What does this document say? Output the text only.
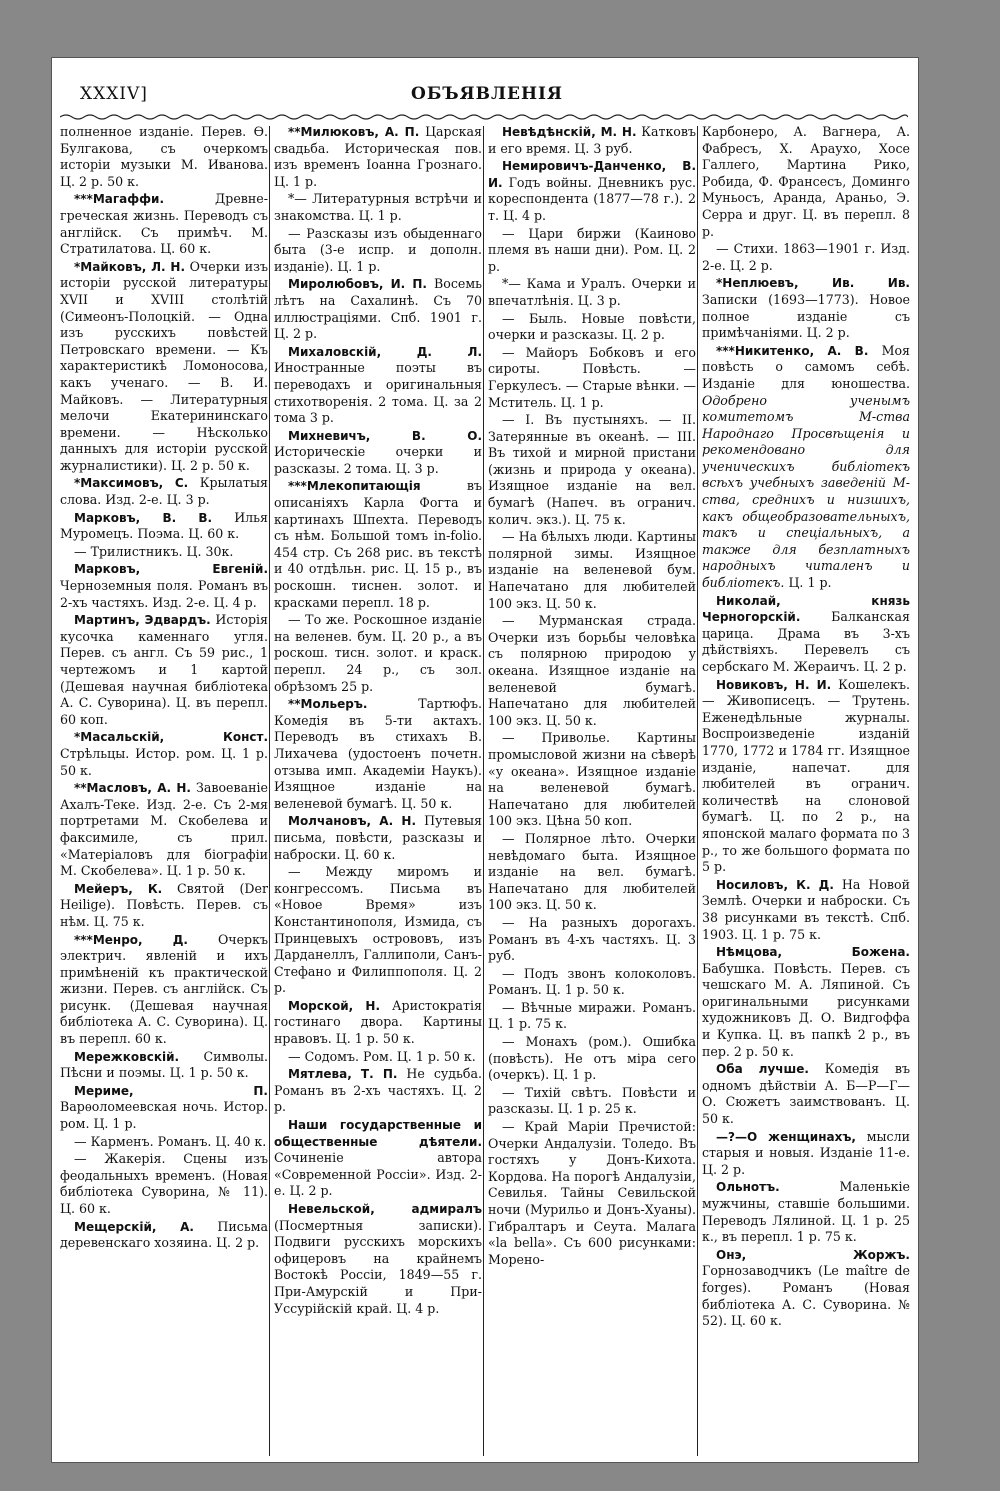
XXXIV]	ОБЪЯВЛЕНІЯ

полненное изданіе. Перев. Ѳ. Булгакова, съ очеркомъ исторіи музыки М. Иванова. Ц. 2 р. 50 к.

***Магаффи.	Древне-греческая жизнь. Переводъ съ англійск. Съ примѣч. М. Стратилатова. Ц. 60 к.

*Майковъ, Л. Н. Очерки изъ исторіи русской литературы XVII и XVIII столѣтій (Симеонъ-Полоцкій. — Одна изъ русскихъ повѣстей Петровскаго времени. — Къ характеристикѣ Ломоносова, какъ ученаго. — В. И. Майковъ. — Литературныя мелочи Екатерининскаго времени. — Нѣсколько данныхъ для исторіи русской журналистики). Ц. 2 р. 50 к.

*Максимовъ, С. Крылатыя слова. Изд. 2-е. Ц. 3 р.

Марковъ, В. В. Илья Муромецъ. Поэма. Ц. 60 к.

— Трилистникъ. Ц. 30к.

Марковъ, Евгеній. Черноземныя поля. Романъ въ 2-хъ частяхъ. Изд. 2-е. Ц. 4 р.

Мартинъ, Эдвардъ. Исторія кусочка каменнаго угля. Перев. съ англ. Съ 59 рис., 1 чертежомъ и 1 картой (Дешевая научная библіотека А. С. Суворина). Ц. въ перепл. 60 коп.

*Масальскій, Конст. Стрѣльцы. Истор. ром. Ц. 1 р. 50 к.

**Масловъ, А. Н. Завоеваніе Ахалъ-Теке. Изд. 2-е. Съ 2-мя портретами М. Скобелева и факсимиле, съ прил. «Матеріаловъ для біографіи М. Скобелева». Ц. 1 р. 50 к.

Мейеръ, К. Святой (Der Heilige). Повѣсть. Перев. съ нѣм. Ц. 75 к.

***Менро, Д. Очеркъ электрич. явленій и ихъ примѣненій къ практической жизни. Перев. съ англійск. Съ рисунк. (Дешевая научная библіотека А. С. Суворина). Ц. въ перепл. 60 к.

Мережковскій. Символы. Пѣсни и поэмы. Ц. 1 р. 50 к.

Мериме, П. Варѳоломеевская ночь. Истор. ром. Ц. 1 р.

— Карменъ. Романъ. Ц. 40 к.

— Жакерія. Сцены изъ феодальныхъ временъ. (Новая библіотека Суворина, № 11). Ц. 60 к.

Мещерскій, А. Письма деревенскаго хозяина. Ц. 2 р.

**Милюковъ, А. П. Царская свадьба. Историческая пов. изъ временъ Іоанна Грознаго. Ц. 1 р.

*— Литературныя встрѣчи и знакомства. Ц. 1 р.

— Разсказы изъ обыденнаго быта (3-е испр. и дополн. изданіе). Ц. 1 р.

Миролюбовъ, И. П. Восемь лѣтъ на Сахалинѣ. Съ 70 иллюстраціями. Спб. 1901 г. Ц. 2 р.

Михаловскій, Д. Л. Иностранные поэты въ переводахъ и оригинальныя стихотворенія. 2 тома. Ц. за 2 тома 3 р.

Михневичъ, В. О. Историческіе очерки и разсказы. 2 тома. Ц. 3 р.

***Млекопитающія	въ описаніяхъ Карла Фогта и картинахъ Шпехта. Переводъ съ нѣм. Большой томъ in-folio. 454 стр. Съ 268 рис. въ текстѣ и 40 отдѣльн. рис. Ц. 15 р., въ роскошн. тиснен. золот. и красками перепл. 18 р.

— То же. Роскошное изданіе на веленев. бум. Ц. 20 р., а въ роскош. тисн. золот. и краск. перепл. 24 р., съ зол. обрѣзомъ 25 р.

**Мольеръ.	Тартюфъ. Комедія въ 5-ти актахъ. Переводъ въ стихахъ В. Лихачева (удостоенъ почетн. отзыва имп. Академіи Наукъ). Изящное изданіе на веленевой бумагѣ. Ц. 50 к.

Молчановъ, А. Н. Путевыя письма, повѣсти, разсказы и наброски. Ц. 60 к.

— Между миромъ и конгрессомъ. Письма въ «Новое Время» изъ Константинополя, Измида, съ Принцевыхъ острововъ, изъ Дарданеллъ, Галлиполи, Санъ-Стефано и Филиппополя. Ц. 2 р.

Морской, Н. Аристократія гостинаго двора. Картины нравовъ. Ц. 1 р. 50 к.

— Содомъ. Ром. Ц. 1 р. 50 к.

Мятлева, Т. П. Не судьба. Романъ въ 2-хъ частяхъ. Ц. 2 р.

Наши государственные и общественные дѣятели. Сочиненіе автора «Современной Россіи». Изд. 2-е. Ц. 2 р.

Невельской, адмиралъ (Посмертныя записки). Подвиги русскихъ морскихъ офицеровъ на крайнемъ Востокѣ Россіи, 1849—55 г. При-Амурскій и При-Уссурійскій край. Ц. 4 р.

Невѣдѣнскій, М. Н. Катковъ и его время. Ц. 3 руб.

Немировичъ-Данченко, В. И. Годъ войны. Дневникъ рус. кореспондента (1877—78 г.). 2 т. Ц. 4 р.

— Цари биржи (Каиново племя въ наши дни). Ром. Ц. 2 р.

*— Кама и Уралъ. Очерки и впечатлѣнія. Ц. 3 р.

— Быль. Новые повѣсти, очерки и разсказы. Ц. 2 р.

— Майоръ Бобковъ и его сироты. Повѣсть. — Геркулесъ. — Старые вѣнки. — Мститель. Ц. 1 р.

— I. Въ пустыняхъ. — II. Затерянные въ океанѣ. — III. Въ тихой и мирной пристани (жизнь и природа у океана). Изящное изданіе на вел. бумагѣ (Напеч. въ огранич. колич. экз.). Ц. 75 к.

— На бѣлыхъ люди. Картины полярной зимы. Изящное изданіе на веленевой бум. Напечатано для любителей 100 экз. Ц. 50 к.

— Мурманская страда. Очерки изъ борьбы человѣка съ полярною природою у океана. Изящное изданіе на веленевой бумагѣ. Напечатано для любителей 100 экз. Ц. 50 к.

— Приволье. Картины промысловой жизни на сѣверѣ «у океана». Изящное изданіе на веленевой бумагѣ. Напечатано для любителей 100 экз. Цѣна 50 коп.

— Полярное лѣто. Очерки невѣдомаго быта. Изящное изданіе на вел. бумагѣ. Напечатано для любителей 100 экз. Ц. 50 к.

— На разныхъ дорогахъ. Романъ въ 4-хъ частяхъ. Ц. 3 руб.

— Подъ звонъ колоколовъ. Романъ. Ц. 1 р. 50 к.

— Вѣчные миражи. Романъ. Ц. 1 р. 75 к.

— Монахъ (ром.). Ошибка (повѣсть). Не отъ міра сего (очеркъ). Ц. 1 р.

— Тихій свѣтъ. Повѣсти и разсказы. Ц. 1 р. 25 к.

— Край Маріи Пречистой: Очерки Андалузіи. Толедо. Въ гостяхъ у Донъ-Кихота. Кордова. На порогѣ Андалузіи, Севилья. Тайны Севильской ночи (Мурильо и Донъ-Хуаны). Гибралтаръ и Сеута. Малага «la bella». Съ 600 рисунками: Морено-

Карбонеро, А. Вагнера, А. Фабресъ, Х. Араухо, Хосе Галлего, Мартина Рико, Робида, Ф. Франсесъ, Доминго Муньосъ, Аранда, Араньо, Э. Серра и друг. Ц. въ перепл. 8 р.

— Стихи. 1863—1901 г. Изд. 2-е. Ц. 2 р.

*Неплюевъ, Ив. Ив. Записки (1693—1773). Новое полное изданіе съ примѣчаніями. Ц. 2 р.

***Никитенко, А. В. Моя повѣсть о самомъ себѣ. Изданіе для юношества. Одобрено ученымъ комитетомъ М-ства Народнаго Просвѣщенія и рекомендовано для ученическихъ библіотекъ всѣхъ учебныхъ заведеній М-ства, среднихъ и низшихъ, какъ общеобразовательныхъ, такъ и спеціальныхъ, а также для безплатныхъ народныхъ читаленъ и библіотекъ. Ц. 1 р.

Николай, князь Черногорскій. Балканская царица. Драма въ 3-хъ дѣйствіяхъ. Перевелъ съ сербскаго М. Жераичъ. Ц. 2 р.

Новиковъ, Н. И. Кошелекъ. — Живописецъ. — Трутень. Еженедѣльные журналы. Воспроизведеніе изданій 1770, 1772 и 1784 гг. Изящное изданіе, напечат. для любителей въ огранич. количествѣ на слоновой бумагѣ. Ц. по 2 р., на японской малаго формата по 3 р., то же большого формата по 5 р.

Носиловъ, К. Д. На Новой Землѣ. Очерки и наброски. Съ 38 рисунками въ текстѣ. Спб. 1903. Ц. 1 р. 75 к.

Нѣмцова, Божена. Бабушка. Повѣсть. Перев. съ чешскаго М. А. Ляпиной. Съ оригинальными рисунками художниковъ Д. О. Видгоффа и Купка. Ц. въ папкѣ 2 р., въ пер. 2 р. 50 к.

Оба лучше. Комедія въ одномъ дѣйствіи А. Б—Р—Г—О. Сюжетъ заимствованъ. Ц. 50 к.

—?—О женщинахъ, мысли старыя и новыя. Изданіе 11-е. Ц. 2 р.

Ольнотъ.	Маленькіе мужчины, ставшіе большими. Переводъ Лялиной. Ц. 1 р. 25 к., въ перепл. 1 р. 75 к.

Онэ, Жоржъ. Горнозаводчикъ (Le maître de forges). Романъ (Новая библіотека А. С. Суворина. № 52). Ц. 60 к.
